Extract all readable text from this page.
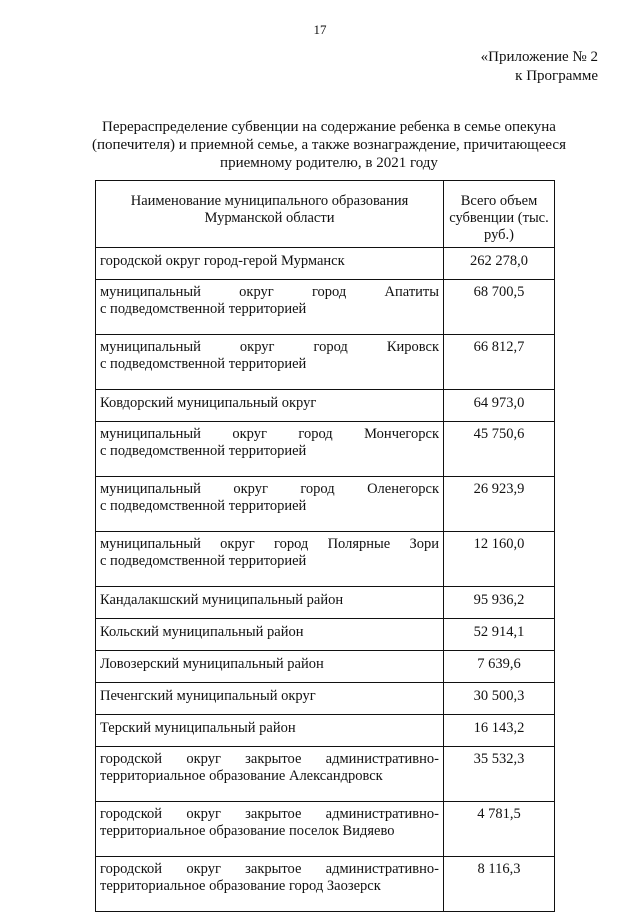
17
«Приложение № 2
к Программе
Перераспределение субвенции на содержание ребенка в семье опекуна (попечителя) и приемной семье, а также вознаграждение, причитающееся приемному родителю, в 2021 году
Наименование муниципального образования Мурманской области	Всего объем субвенции (тыс. руб.)
городской округ город-герой Мурманск	262 278,0
муниципальный округ город Апатиты
с подведомственной территорией	68 700,5
муниципальный округ город Кировск
с подведомственной территорией	66 812,7
Ковдорский муниципальный округ	64 973,0
муниципальный округ город Мончегорск
с подведомственной территорией	45 750,6
муниципальный округ город Оленегорск
с подведомственной территорией	26 923,9
муниципальный округ город Полярные Зори
с подведомственной территорией	12 160,0
Кандалакшский муниципальный район	95 936,2
Кольский муниципальный район	52 914,1
Ловозерский муниципальный район	7 639,6
Печенгский муниципальный округ	30 500,3
Терский муниципальный район	16 143,2
городской округ закрытое административно-
территориальное образование Александровск	35 532,3
городской округ закрытое административно-
территориальное образование поселок Видяево	4 781,5
городской округ закрытое административно-
территориальное образование город Заозерск	8 116,3
